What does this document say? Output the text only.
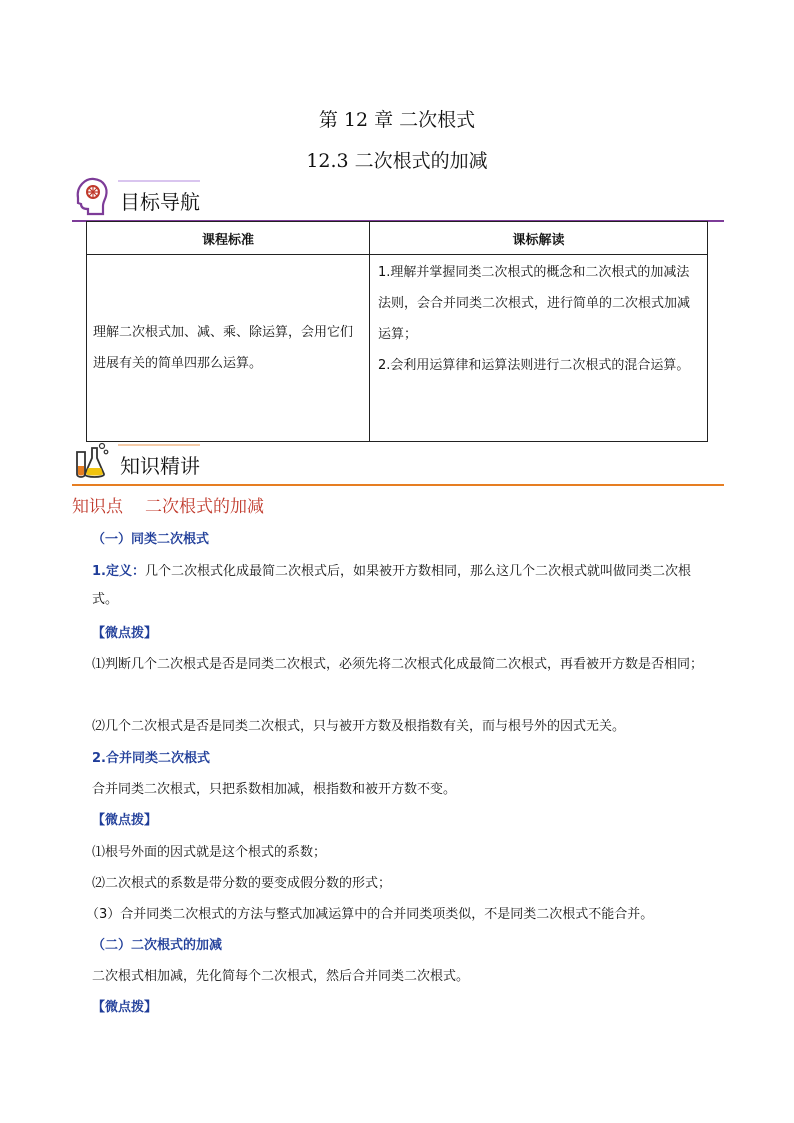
第 12 章 二次根式
12.3 二次根式的加减
目标导航
课程标准	课标解读
理解二次根式加、减、乘、除运算，会用它们进展有关的简单四那么运算。	1.理解并掌握同类二次根式的概念和二次根式的加减法法则，会合并同类二次根式，进行简单的二次根式加减运算；
2.会利用运算律和运算法则进行二次根式的混合运算。
知识精讲
知识点 二次根式的加减
（一）同类二次根式
1.定义：几个二次根式化成最简二次根式后，如果被开方数相同，那么这几个二次根式就叫做同类二次根式。
【微点拨】
⑴判断几个二次根式是否是同类二次根式，必须先将二次根式化成最简二次根式，再看被开方数是否相同；
⑵几个二次根式是否是同类二次根式，只与被开方数及根指数有关，而与根号外的因式无关。
2.合并同类二次根式
合并同类二次根式，只把系数相加减，根指数和被开方数不变。
【微点拨】
⑴根号外面的因式就是这个根式的系数；
⑵二次根式的系数是带分数的要变成假分数的形式；
（3）合并同类二次根式的方法与整式加减运算中的合并同类项类似，不是同类二次根式不能合并。
（二）二次根式的加减
二次根式相加减，先化简每个二次根式，然后合并同类二次根式。
【微点拨】
